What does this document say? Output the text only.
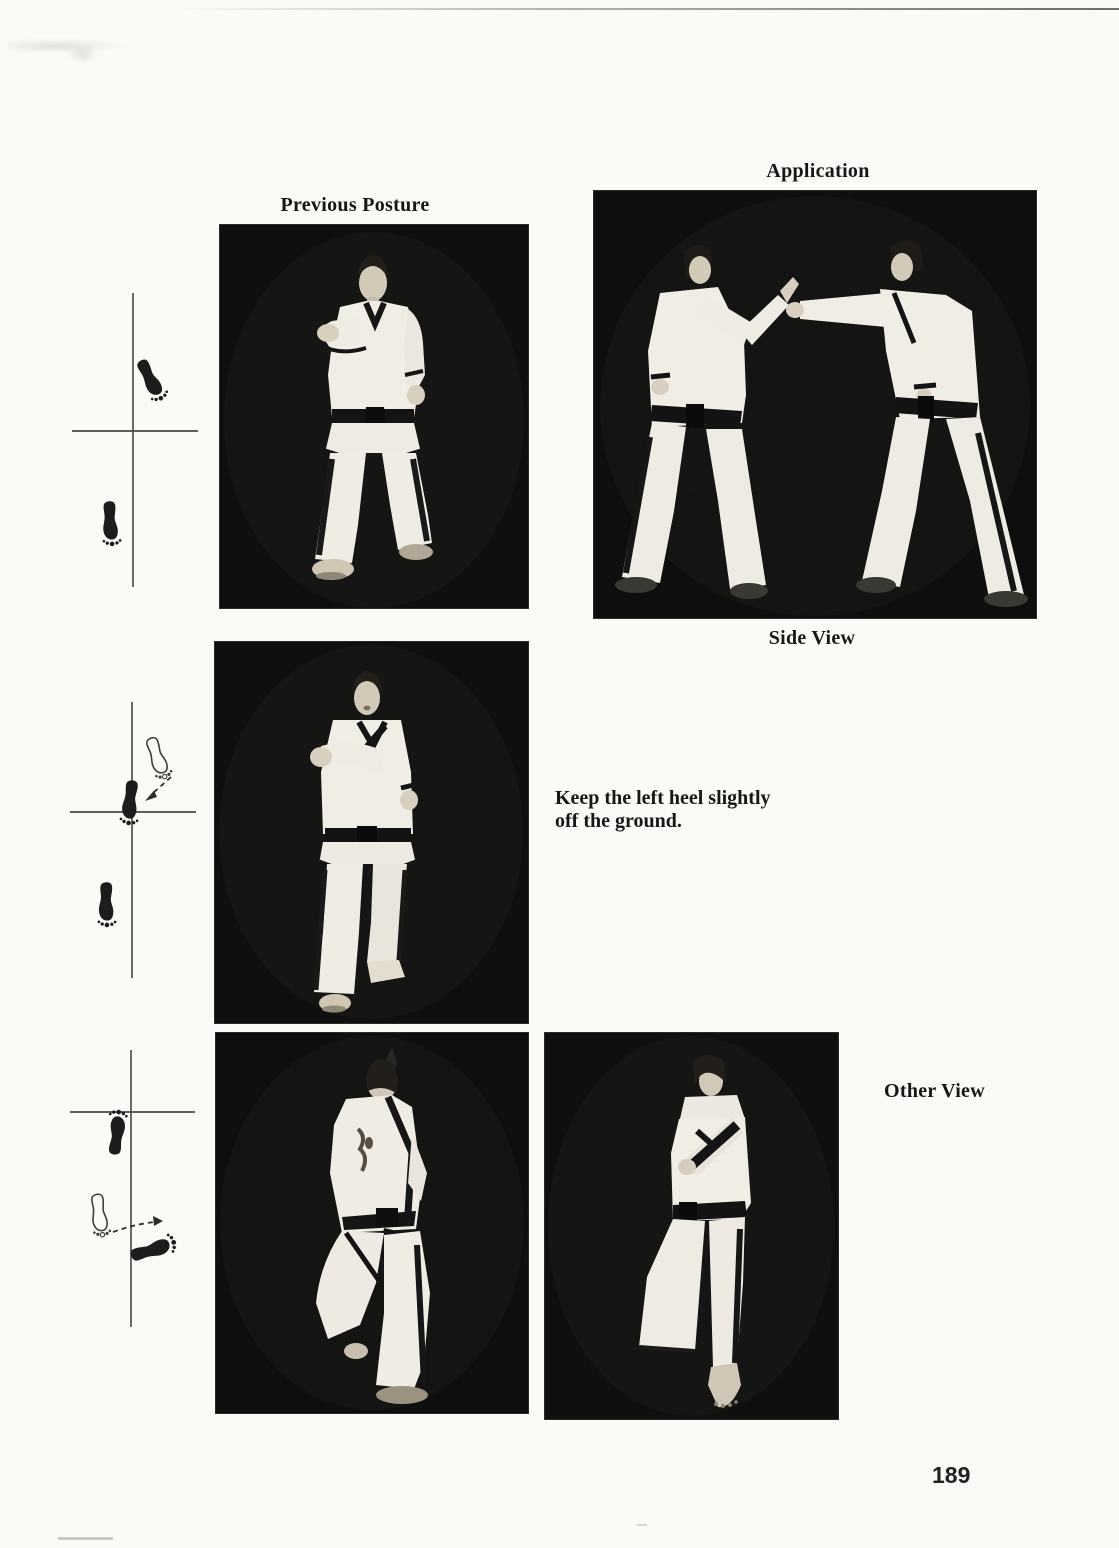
Previous Posture
Application
Side View
Other View
Keep the left heel slightly
off the ground.
189
